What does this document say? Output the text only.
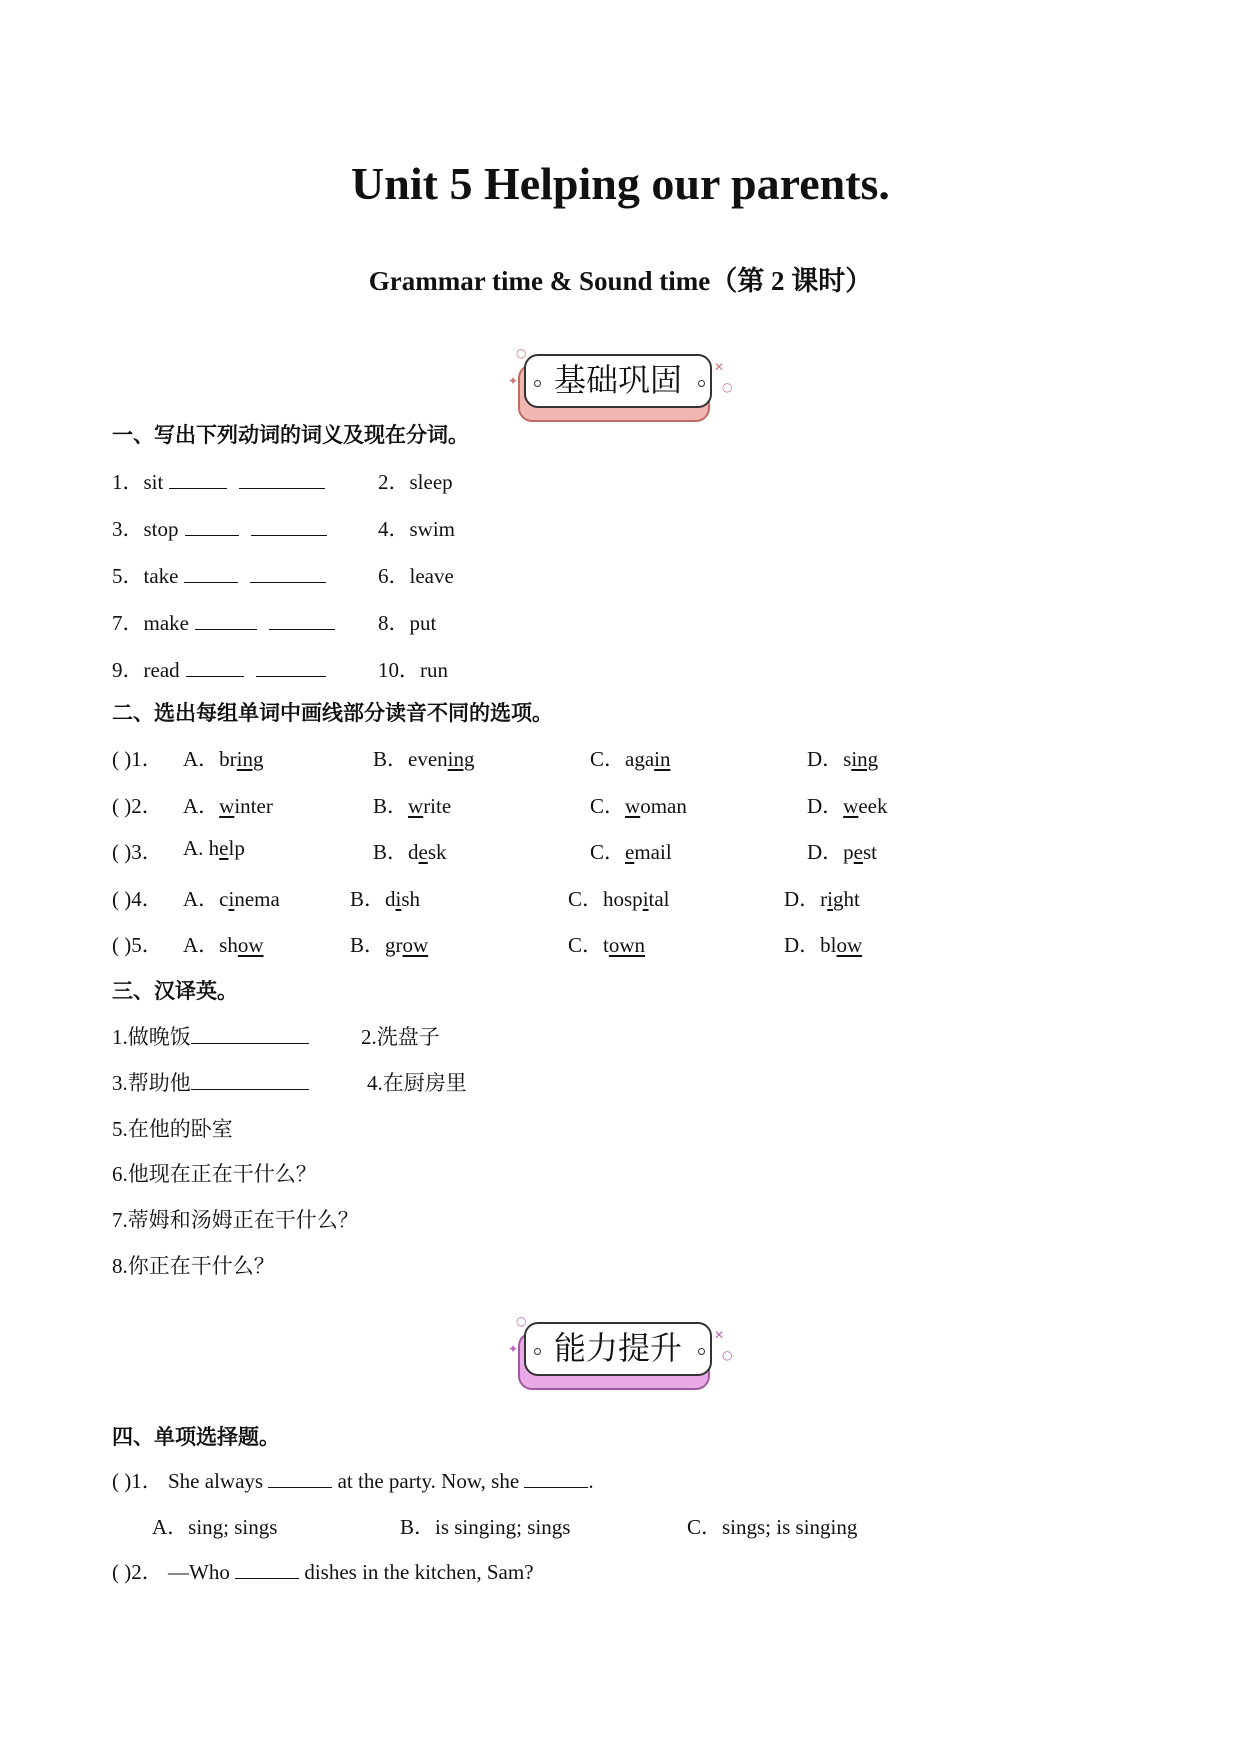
Unit 5 Helping our parents.
Grammar time & Sound time（第 2 课时）
基础巩固
○
✦
✕
○
一、写出下列动词的词义及现在分词。
1．sit	2．sleep
3．stop	4．swim
5．take	6．leave
7．make	8．put
9．read	10．run
二、选出每组单词中画线部分读音不同的选项。
( )1． A．bring	B．evening	C．again	D．sing
( )2． A．winter	B．write	C．woman	D．week
( )3． A. help	B．desk	C．email	D．pest
( )4． A．cinema	B．dish	C．hospital	D．right
( )5． A．show	B．grow	C．town	D．blow
三、汉译英。
1.做晚饭	2.洗盘子
3.帮助他	4.在厨房里
5.在他的卧室
6.他现在正在干什么？
7.蒂姆和汤姆正在干什么？
8.你正在干什么？
能力提升
○
✦
✕
○
四、单项选择题。
( )1． She always	at the party. Now, she	.
A．sing; sings	B．is singing; sings	C．sings; is singing
( )2． —Who	dishes in the kitchen, Sam?
